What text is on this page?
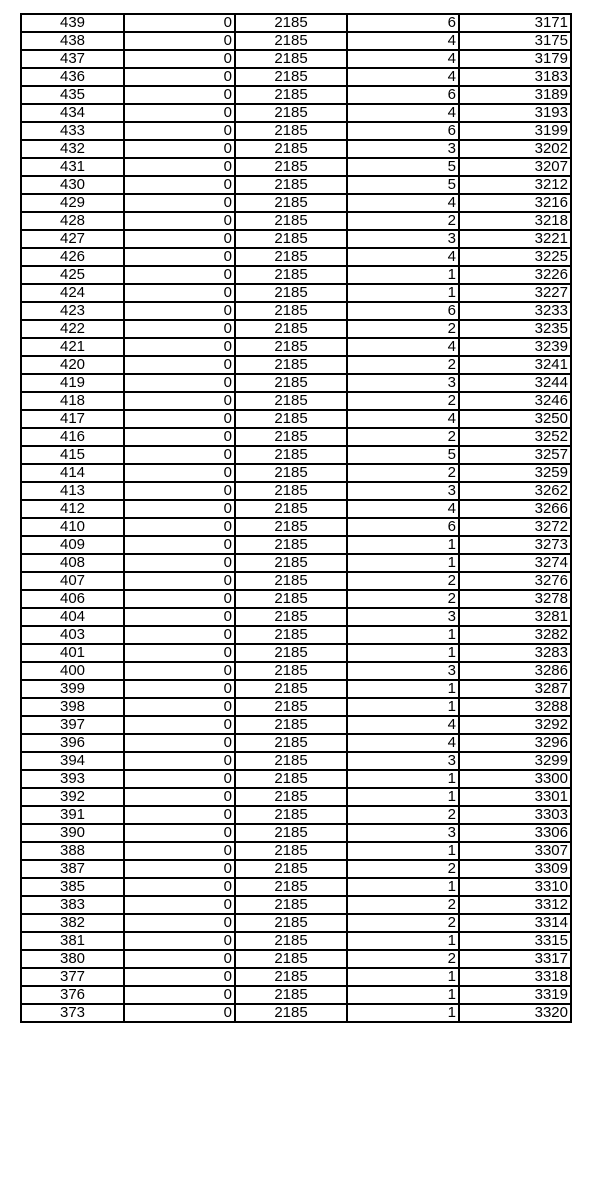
439	0	2185	6	3171
438	0	2185	4	3175
437	0	2185	4	3179
436	0	2185	4	3183
435	0	2185	6	3189
434	0	2185	4	3193
433	0	2185	6	3199
432	0	2185	3	3202
431	0	2185	5	3207
430	0	2185	5	3212
429	0	2185	4	3216
428	0	2185	2	3218
427	0	2185	3	3221
426	0	2185	4	3225
425	0	2185	1	3226
424	0	2185	1	3227
423	0	2185	6	3233
422	0	2185	2	3235
421	0	2185	4	3239
420	0	2185	2	3241
419	0	2185	3	3244
418	0	2185	2	3246
417	0	2185	4	3250
416	0	2185	2	3252
415	0	2185	5	3257
414	0	2185	2	3259
413	0	2185	3	3262
412	0	2185	4	3266
410	0	2185	6	3272
409	0	2185	1	3273
408	0	2185	1	3274
407	0	2185	2	3276
406	0	2185	2	3278
404	0	2185	3	3281
403	0	2185	1	3282
401	0	2185	1	3283
400	0	2185	3	3286
399	0	2185	1	3287
398	0	2185	1	3288
397	0	2185	4	3292
396	0	2185	4	3296
394	0	2185	3	3299
393	0	2185	1	3300
392	0	2185	1	3301
391	0	2185	2	3303
390	0	2185	3	3306
388	0	2185	1	3307
387	0	2185	2	3309
385	0	2185	1	3310
383	0	2185	2	3312
382	0	2185	2	3314
381	0	2185	1	3315
380	0	2185	2	3317
377	0	2185	1	3318
376	0	2185	1	3319
373	0	2185	1	3320
